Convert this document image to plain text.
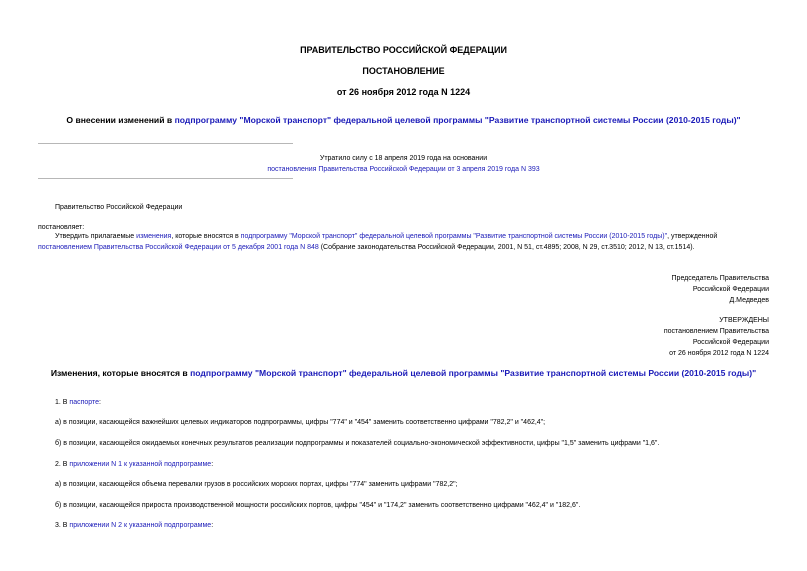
ПРАВИТЕЛЬСТВО РОССИЙСКОЙ ФЕДЕРАЦИИ
ПОСТАНОВЛЕНИЕ
от 26 ноября 2012 года N 1224
О внесении изменений в подпрограмму "Морской транспорт" федеральной целевой программы "Развитие транспортной системы России (2010-2015 годы)"
Утратило силу с 18 апреля 2019 года на основании
постановления Правительства Российской Федерации от 3 апреля 2019 года N 393
Правительство Российской Федерации
постановляет:
Утвердить прилагаемые изменения, которые вносятся в подпрограмму "Морской транспорт" федеральной целевой программы "Развитие транспортной системы России (2010-2015 годы)", утвержденной
постановлением Правительства Российской Федерации от 5 декабря 2001 года N 848 (Собрание законодательства Российской Федерации, 2001, N 51, ст.4895; 2008, N 29, ст.3510; 2012, N 13, ст.1514).
Председатель Правительства
Российской Федерации
Д.Медведев
УТВЕРЖДЕНЫ
постановлением Правительства
Российской Федерации
от 26 ноября 2012 года N 1224
Изменения, которые вносятся в подпрограмму "Морской транспорт" федеральной целевой программы "Развитие транспортной системы России (2010-2015 годы)"
1. В паспорте:
а) в позиции, касающейся важнейших целевых индикаторов подпрограммы, цифры "774" и "454" заменить соответственно цифрами "782,2" и "462,4";
б) в позиции, касающейся ожидаемых конечных результатов реализации подпрограммы и показателей социально-экономической эффективности, цифры "1,5" заменить цифрами "1,6".
2. В приложении N 1 к указанной подпрограмме:
а) в позиции, касающейся объема перевалки грузов в российских морских портах, цифры "774" заменить цифрами "782,2";
б) в позиции, касающейся прироста производственной мощности российских портов, цифры "454" и "174,2" заменить соответственно цифрами "462,4" и "182,6".
3. В приложении N 2 к указанной подпрограмме:
